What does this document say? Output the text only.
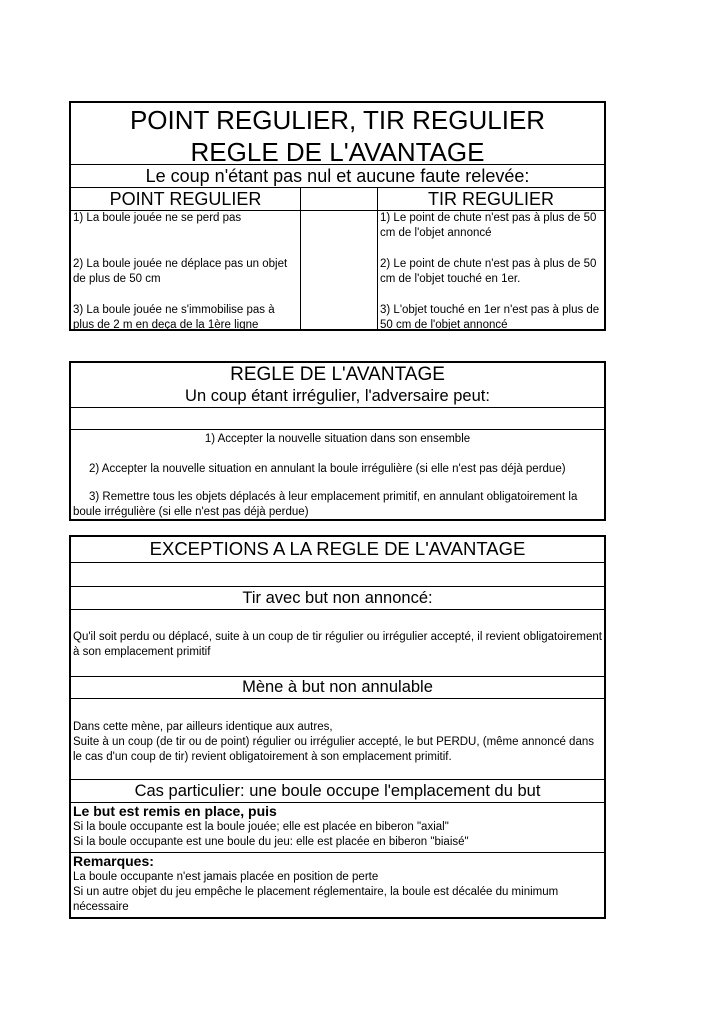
POINT REGULIER, TIR REGULIER
REGLE DE L'AVANTAGE
Le coup n'étant pas nul et aucune faute relevée:
POINT REGULIER	TIR REGULIER
1) La boule jouée ne se perd pas
2) La boule jouée ne déplace pas un objet de plus de 50 cm
3) La boule jouée ne s'immobilise pas à plus de 2 m en deça de la 1ère ligne
1) Le point de chute n'est pas à plus de 50 cm de l'objet annoncé
2) Le point de chute n'est pas à plus de 50 cm de l'objet touché en 1er.
3) L'objet touché en 1er n'est pas à plus de 50 cm de l'objet annoncé
REGLE DE L'AVANTAGE
Un coup étant irrégulier, l'adversaire peut:
1) Accepter la nouvelle situation dans son ensemble
2) Accepter la nouvelle situation en annulant la boule irrégulière (si elle n'est pas déjà perdue)
3) Remettre tous les objets déplacés à leur emplacement primitif, en annulant obligatoirement la boule irrégulière (si elle n'est pas déjà perdue)
EXCEPTIONS A LA REGLE DE L'AVANTAGE
Tir avec but non annoncé:
Qu'il soit perdu ou déplacé, suite à un coup de tir régulier ou irrégulier accepté, il revient obligatoirement à son emplacement primitif
Mène à but non annulable
Dans cette mène, par ailleurs identique aux autres,
Suite à un coup (de tir ou de point) régulier ou irrégulier accepté, le but PERDU, (même annoncé dans le cas d'un coup de tir) revient obligatoirement à son emplacement primitif.
Cas particulier: une boule occupe l'emplacement du but
Le but est remis en place, puis
Si la boule occupante est la boule jouée; elle est placée en biberon "axial"
Si la boule occupante est une boule du jeu: elle est placée en biberon "biaisé"
Remarques:
La boule occupante n'est jamais placée en position de perte
Si un autre objet du jeu empêche le placement réglementaire, la boule est décalée du minimum nécessaire
